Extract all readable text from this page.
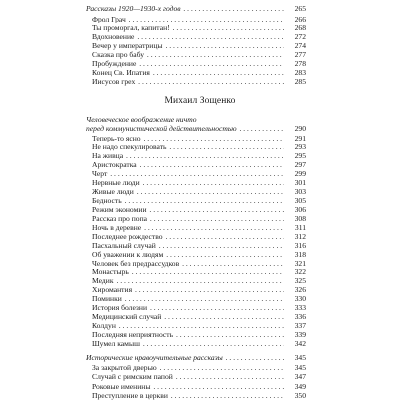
Рассказы 1920—1930-х годов . . .	265
Фрол Грач . . .	266
Ты проморгал, капитан! . . .	268
Вдохновение . . .	272
Вечер у императрицы . . .	274
Сказка про бабу . . .	277
Пробуждение . . .	278
Конец Св. Ипатия . . .	283
Иисусов грех . . .	285
Михаил Зощенко
Человеческое воображение ничто
перед коммунистической действительностью . . .	290
Теперь-то ясно . . .	291
Не надо спекулировать . . .	293
На живца . . .	295
Аристократка . . .	297
Черт . . .	299
Нервные люди . . .	301
Живые люди . . .	303
Бедность . . .	305
Режим экономии . . .	306
Рассказ про попа . . .	308
Ночь в деревне . . .	311
Последнее рождество . . .	312
Пасхальный случай . . .	316
Об уважении к людям . . .	318
Человек без предрассудков . . .	321
Монастырь . . .	322
Медик . . .	325
Хиромантия . . .	326
Поминки . . .	330
История болезни . . .	333
Медицинский случай . . .	336
Колдун . . .	337
Последняя неприятность . . .	339
Шумел камыш . . .	342
Исторические нравоучительные рассказы . . .	345
За закрытой дверью . . .	345
Случай с римским папой . . .	347
Роковые именины . . .	349
Преступление в церкви . . .	350
